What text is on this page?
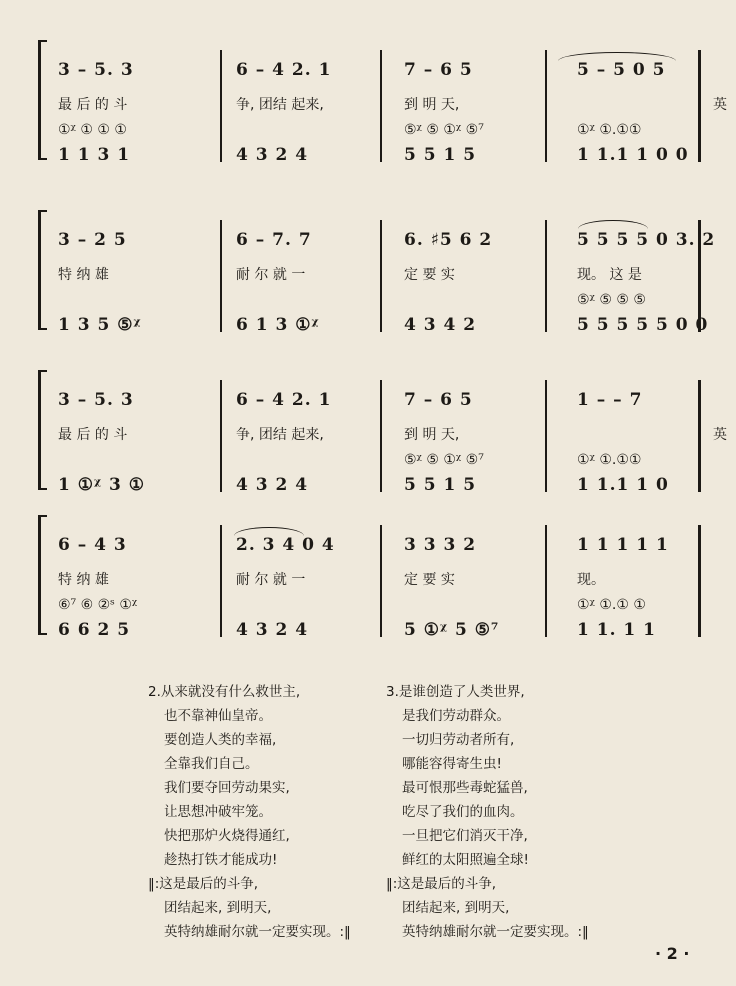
3 – 5. 3	6 – 4 2. 1	7 – 6 5	5 – 5 0 5
最 后 的 斗	争, 团结 起来,	到 明 天,	英
①ᵡ ① ① ①	⑤ᵡ ⑤ ①ᵡ ⑤⁷	①ᵡ ①.①①
1 1 3 1	4 3 2 4	5 5 1 5	1 1.1 1 0 0
3 – 2 5	6 – 7. 7	6. ♯5 6 2	5 5 5 5 0 3. 2
特 纳 雄	耐 尔 就 一	定 要 实	现。 这 是
⑤ᵡ ⑤ ⑤ ⑤
1 3 5 ⑤ᵡ	6 1 3 ①ᵡ	4 3 4 2	5 5 5 5 5 0 0
3 – 5. 3	6 – 4 2. 1	7 – 6 5	1 – – 7
最 后 的 斗	争, 团结 起来,	到 明 天,	英
⑤ᵡ ⑤ ①ᵡ ⑤⁷	①ᵡ ①.①①
1 ①ᵡ 3 ①	4 3 2 4	5 5 1 5	1 1.1 1 0
6 – 4 3	2. 3 4 0 4	3 3 3 2	1 1 1 1 1
特 纳 雄	耐 尔 就 一	定 要 实	现。
⑥⁷ ⑥ ②ˢ ①ᵡ	①ᵡ ①.① ①
6 6 2 5	4 3 2 4	5 ①ᵡ 5 ⑤⁷	1 1. 1 1
2.从来就没有什么救世主,
也不靠神仙皇帝。
要创造人类的幸福,
全靠我们自己。
我们要夺回劳动果实,
让思想冲破牢笼。
快把那炉火烧得通红,
趁热打铁才能成功!
‖:这是最后的斗争,
团结起来, 到明天,
英特纳雄耐尔就一定要实现。:‖
3.是谁创造了人类世界,
是我们劳动群众。
一切归劳动者所有,
哪能容得寄生虫!
最可恨那些毒蛇猛兽,
吃尽了我们的血肉。
一旦把它们消灭干净,
鲜红的太阳照遍全球!
‖:这是最后的斗争,
团结起来, 到明天,
英特纳雄耐尔就一定要实现。:‖
· 2 ·
